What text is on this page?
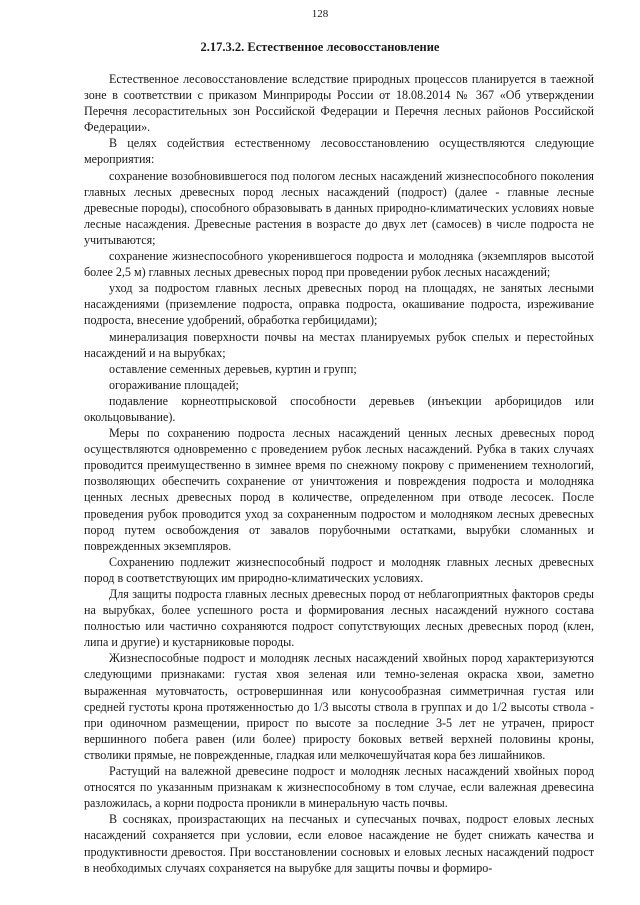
128
2.17.3.2. Естественное лесовосстановление

Естественное лесовосстановление вследствие природных процессов планируется в таежной зоне в соответствии с приказом Минприроды России от 18.08.2014 № 367 «Об утверждении Перечня лесорастительных зон Российской Федерации и Перечня лесных районов Российской Федерации».

В целях содействия естественному лесовосстановлению осуществляются следующие мероприятия:

сохранение возобновившегося под пологом лесных насаждений жизнеспособного поколения главных лесных древесных пород лесных насаждений (подрост) (далее - главные лесные древесные породы), способного образовывать в данных природно-климатических условиях новые лесные насаждения. Древесные растения в возрасте до двух лет (самосев) в числе подроста не учитываются;

сохранение жизнеспособного укоренившегося подроста и молодняка (экземпляров высотой более 2,5 м) главных лесных древесных пород при проведении рубок лесных насаждений;

уход за подростом главных лесных древесных пород на площадях, не занятых лесными насаждениями (приземление подроста, оправка подроста, окашивание подроста, изреживание подроста, внесение удобрений, обработка гербицидами);

минерализация поверхности почвы на местах планируемых рубок спелых и перестойных насаждений и на вырубках;

оставление семенных деревьев, куртин и групп;

огораживание площадей;

подавление корнеотпрысковой способности деревьев (инъекции арборицидов или окольцовывание).

Меры по сохранению подроста лесных насаждений ценных лесных древесных пород осуществляются одновременно с проведением рубок лесных насаждений. Рубка в таких случаях проводится преимущественно в зимнее время по снежному покрову с применением технологий, позволяющих обеспечить сохранение от уничтожения и повреждения подроста и молодняка ценных лесных древесных пород в количестве, определенном при отводе лесосек. После проведения рубок проводится уход за сохраненным подростом и молодняком лесных древесных пород путем освобождения от завалов порубочными остатками, вырубки сломанных и поврежденных экземпляров.

Сохранению подлежит жизнеспособный подрост и молодняк главных лесных древесных пород в соответствующих им природно-климатических условиях.

Для защиты подроста главных лесных древесных пород от неблагоприятных факторов среды на вырубках, более успешного роста и формирования лесных насаждений нужного состава полностью или частично сохраняются подрост сопутствующих лесных древесных пород (клен, липа и другие) и кустарниковые породы.

Жизнеспособные подрост и молодняк лесных насаждений хвойных пород характеризуются следующими признаками: густая хвоя зеленая или темно-зеленая окраска хвои, заметно выраженная мутовчатость, островершинная или конусообразная симметричная густая или средней густоты крона протяженностью до 1/3 высоты ствола в группах и до 1/2 высоты ствола - при одиночном размещении, прирост по высоте за последние 3-5 лет не утрачен, прирост вершинного побега равен (или более) приросту боковых ветвей верхней половины кроны, стволики прямые, не поврежденные, гладкая или мелкочешуйчатая кора без лишайников.

Растущий на валежной древесине подрост и молодняк лесных насаждений хвойных пород относятся по указанным признакам к жизнеспособному в том случае, если валежная древесина разложилась, а корни подроста проникли в минеральную часть почвы.

В сосняках, произрастающих на песчаных и супесчаных почвах, подрост еловых лесных насаждений сохраняется при условии, если еловое насаждение не будет снижать качества и продуктивности древостоя. При восстановлении сосновых и еловых лесных насаждений подрост в необходимых случаях сохраняется на вырубке для защиты почвы и формиро-
